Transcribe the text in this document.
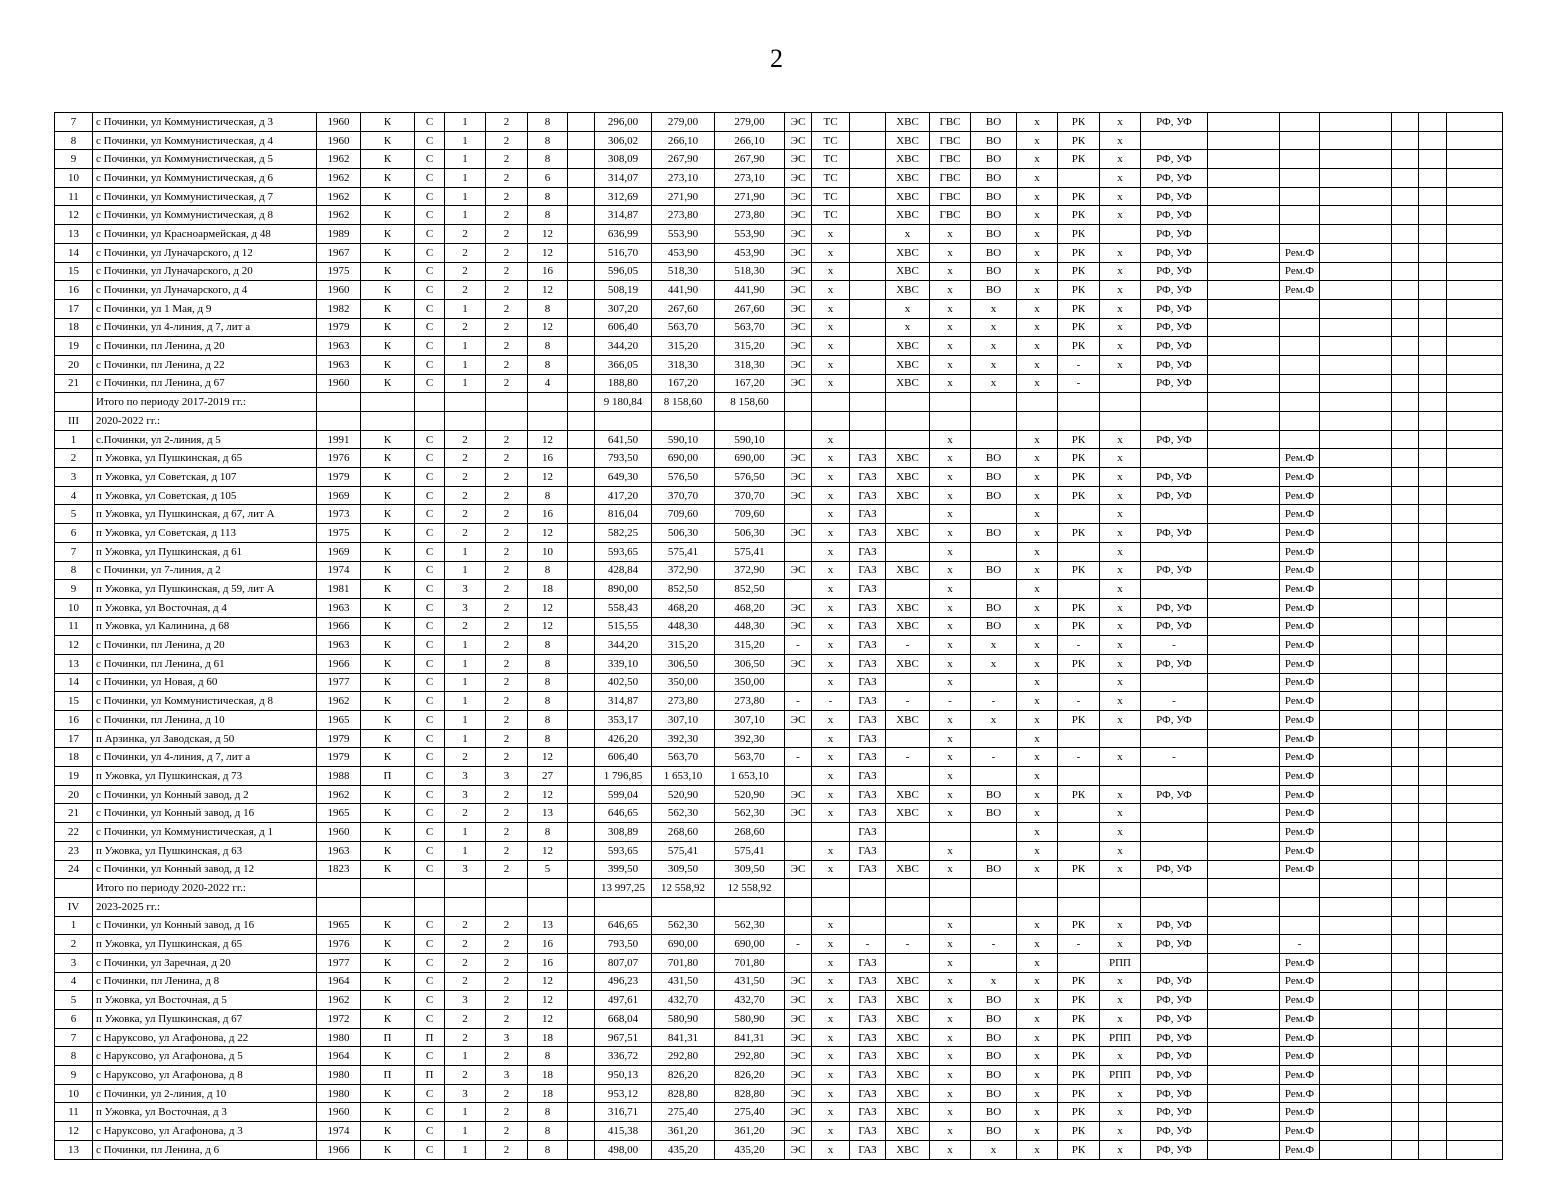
2
7	с Починки, ул Коммунистическая, д 3	1960	К	С	1	2	8		296,00	279,00	279,00	ЭС	ТС		ХВС	ГВС	ВО	х	РК	х	РФ, УФ						
8	с Починки, ул Коммунистическая, д 4	1960	К	С	1	2	8		306,02	266,10	266,10	ЭС	ТС		ХВС	ГВС	ВО	х	РК	х							
9	с Починки, ул Коммунистическая, д 5	1962	К	С	1	2	8		308,09	267,90	267,90	ЭС	ТС		ХВС	ГВС	ВО	х	РК	х	РФ, УФ						
10	с Починки, ул Коммунистическая, д 6	1962	К	С	1	2	6		314,07	273,10	273,10	ЭС	ТС		ХВС	ГВС	ВО	х		х	РФ, УФ						
11	с Починки, ул Коммунистическая, д 7	1962	К	С	1	2	8		312,69	271,90	271,90	ЭС	ТС		ХВС	ГВС	ВО	х	РК	х	РФ, УФ						
12	с Починки, ул Коммунистическая, д 8	1962	К	С	1	2	8		314,87	273,80	273,80	ЭС	ТС		ХВС	ГВС	ВО	х	РК	х	РФ, УФ						
13	с Починки, ул Красноармейская, д 48	1989	К	С	2	2	12		636,99	553,90	553,90	ЭС	х		х	х	ВО	х	РК		РФ, УФ						
14	с Починки, ул Луначарского, д 12	1967	К	С	2	2	12		516,70	453,90	453,90	ЭС	х		ХВС	х	ВО	х	РК	х	РФ, УФ		Рем.Ф				
15	с Починки, ул Луначарского, д 20	1975	К	С	2	2	16		596,05	518,30	518,30	ЭС	х		ХВС	х	ВО	х	РК	х	РФ, УФ		Рем.Ф				
16	с Починки, ул Луначарского, д 4	1960	К	С	2	2	12		508,19	441,90	441,90	ЭС	х		ХВС	х	ВО	х	РК	х	РФ, УФ		Рем.Ф				
17	с Починки, ул 1 Мая, д 9	1982	К	С	1	2	8		307,20	267,60	267,60	ЭС	х		х	х	х	х	РК	х	РФ, УФ						
18	с Починки, ул 4-линия, д 7, лит а	1979	К	С	2	2	12		606,40	563,70	563,70	ЭС	х		х	х	х	х	РК	х	РФ, УФ						
19	с Починки, пл Ленина, д 20	1963	К	С	1	2	8		344,20	315,20	315,20	ЭС	х		ХВС	х	х	х	РК	х	РФ, УФ						
20	с Починки, пл Ленина, д 22	1963	К	С	1	2	8		366,05	318,30	318,30	ЭС	х		ХВС	х	х	х	-	х	РФ, УФ						
21	с Починки, пл Ленина, д 67	1960	К	С	1	2	4		188,80	167,20	167,20	ЭС	х		ХВС	х	х	х	-		РФ, УФ						
	Итого по периоду 2017-2019 гг.:								9 180,84	8 158,60	8 158,60																
III	2020-2022 гг.:																										
1	с.Починки, ул 2-линия, д 5	1991	К	С	2	2	12		641,50	590,10	590,10		х			х		х	РК	х	РФ, УФ						
2	п Ужовка, ул Пушкинская, д 65	1976	К	С	2	2	16		793,50	690,00	690,00	ЭС	х	ГАЗ	ХВС	х	ВО	х	РК	х			Рем.Ф				
3	п Ужовка, ул Советская, д 107	1979	К	С	2	2	12		649,30	576,50	576,50	ЭС	х	ГАЗ	ХВС	х	ВО	х	РК	х	РФ, УФ		Рем.Ф				
4	п Ужовка, ул Советская, д 105	1969	К	С	2	2	8		417,20	370,70	370,70	ЭС	х	ГАЗ	ХВС	х	ВО	х	РК	х	РФ, УФ		Рем.Ф				
5	п Ужовка, ул Пушкинская, д 67, лит А	1973	К	С	2	2	16		816,04	709,60	709,60		х	ГАЗ		х		х		х			Рем.Ф				
6	п Ужовка, ул Советская, д 113	1975	К	С	2	2	12		582,25	506,30	506,30	ЭС	х	ГАЗ	ХВС	х	ВО	х	РК	х	РФ, УФ		Рем.Ф				
7	п Ужовка, ул Пушкинская, д 61	1969	К	С	1	2	10		593,65	575,41	575,41		х	ГАЗ		х		х		х			Рем.Ф				
8	с Починки, ул 7-линия, д 2	1974	К	С	1	2	8		428,84	372,90	372,90	ЭС	х	ГАЗ	ХВС	х	ВО	х	РК	х	РФ, УФ		Рем.Ф				
9	п Ужовка, ул Пушкинская, д 59, лит А	1981	К	С	3	2	18		890,00	852,50	852,50		х	ГАЗ		х		х		х			Рем.Ф				
10	п Ужовка, ул Восточная, д 4	1963	К	С	3	2	12		558,43	468,20	468,20	ЭС	х	ГАЗ	ХВС	х	ВО	х	РК	х	РФ, УФ		Рем.Ф				
11	п Ужовка, ул Калинина, д 68	1966	К	С	2	2	12		515,55	448,30	448,30	ЭС	х	ГАЗ	ХВС	х	ВО	х	РК	х	РФ, УФ		Рем.Ф				
12	с Починки, пл Ленина, д 20	1963	К	С	1	2	8		344,20	315,20	315,20	-	х	ГАЗ	-	х	х	х	-	х	-		Рем.Ф				
13	с Починки, пл Ленина, д 61	1966	К	С	1	2	8		339,10	306,50	306,50	ЭС	х	ГАЗ	ХВС	х	х	х	РК	х	РФ, УФ		Рем.Ф				
14	с Починки, ул Новая, д 60	1977	К	С	1	2	8		402,50	350,00	350,00		х	ГАЗ		х		х		х			Рем.Ф				
15	с Починки, ул Коммунистическая, д 8	1962	К	С	1	2	8		314,87	273,80	273,80	-	-	ГАЗ	-	-	-	х	-	х	-		Рем.Ф				
16	с Починки, пл Ленина, д 10	1965	К	С	1	2	8		353,17	307,10	307,10	ЭС	х	ГАЗ	ХВС	х	х	х	РК	х	РФ, УФ		Рем.Ф				
17	п Арзинка, ул Заводская, д 50	1979	К	С	1	2	8		426,20	392,30	392,30		х	ГАЗ		х		х					Рем.Ф				
18	с Починки, ул 4-линия, д 7, лит а	1979	К	С	2	2	12		606,40	563,70	563,70	-	х	ГАЗ	-	х	-	х	-	х	-		Рем.Ф				
19	п Ужовка, ул Пушкинская, д 73	1988	П	С	3	3	27		1 796,85	1 653,10	1 653,10		х	ГАЗ		х		х					Рем.Ф				
20	с Починки, ул Конный завод, д 2	1962	К	С	3	2	12		599,04	520,90	520,90	ЭС	х	ГАЗ	ХВС	х	ВО	х	РК	х	РФ, УФ		Рем.Ф				
21	с Починки, ул Конный завод, д 16	1965	К	С	2	2	13		646,65	562,30	562,30	ЭС	х	ГАЗ	ХВС	х	ВО	х		х			Рем.Ф				
22	с Починки, ул Коммунистическая, д 1	1960	К	С	1	2	8		308,89	268,60	268,60			ГАЗ				х		х			Рем.Ф				
23	п Ужовка, ул Пушкинская, д 63	1963	К	С	1	2	12		593,65	575,41	575,41		х	ГАЗ		х		х		х			Рем.Ф				
24	с Починки, ул Конный завод, д 12	1823	К	С	3	2	5		399,50	309,50	309,50	ЭС	х	ГАЗ	ХВС	х	ВО	х	РК	х	РФ, УФ		Рем.Ф				
	Итого по периоду 2020-2022 гг.:								13 997,25	12 558,92	12 558,92																
IV	2023-2025 гг.:																										
1	с Починки, ул Конный завод, д 16	1965	К	С	2	2	13		646,65	562,30	562,30		х			х		х	РК	х	РФ, УФ						
2	п Ужовка, ул Пушкинская, д 65	1976	К	С	2	2	16		793,50	690,00	690,00	-	х	-	-	х	-	х	-	х	РФ, УФ		-				
3	с Починки, ул Заречная, д 20	1977	К	С	2	2	16		807,07	701,80	701,80		х	ГАЗ		х		х		РПП			Рем.Ф				
4	с Починки, пл Ленина, д 8	1964	К	С	2	2	12		496,23	431,50	431,50	ЭС	х	ГАЗ	ХВС	х	х	х	РК	х	РФ, УФ		Рем.Ф				
5	п Ужовка, ул Восточная, д 5	1962	К	С	3	2	12		497,61	432,70	432,70	ЭС	х	ГАЗ	ХВС	х	ВО	х	РК	х	РФ, УФ		Рем.Ф				
6	п Ужовка, ул Пушкинская, д 67	1972	К	С	2	2	12		668,04	580,90	580,90	ЭС	х	ГАЗ	ХВС	х	ВО	х	РК	х	РФ, УФ		Рем.Ф				
7	с Наруксово, ул Агафонова, д 22	1980	П	П	2	3	18		967,51	841,31	841,31	ЭС	х	ГАЗ	ХВС	х	ВО	х	РК	РПП	РФ, УФ		Рем.Ф				
8	с Наруксово, ул Агафонова, д 5	1964	К	С	1	2	8		336,72	292,80	292,80	ЭС	х	ГАЗ	ХВС	х	ВО	х	РК	х	РФ, УФ		Рем.Ф				
9	с Наруксово, ул Агафонова, д 8	1980	П	П	2	3	18		950,13	826,20	826,20	ЭС	х	ГАЗ	ХВС	х	ВО	х	РК	РПП	РФ, УФ		Рем.Ф				
10	с Починки, ул 2-линия, д 10	1980	К	С	3	2	18		953,12	828,80	828,80	ЭС	х	ГАЗ	ХВС	х	ВО	х	РК	х	РФ, УФ		Рем.Ф				
11	п Ужовка, ул Восточная, д 3	1960	К	С	1	2	8		316,71	275,40	275,40	ЭС	х	ГАЗ	ХВС	х	ВО	х	РК	х	РФ, УФ		Рем.Ф				
12	с Наруксово, ул Агафонова, д 3	1974	К	С	1	2	8		415,38	361,20	361,20	ЭС	х	ГАЗ	ХВС	х	ВО	х	РК	х	РФ, УФ		Рем.Ф				
13	с Починки, пл Ленина, д 6	1966	К	С	1	2	8		498,00	435,20	435,20	ЭС	х	ГАЗ	ХВС	х	х	х	РК	х	РФ, УФ		Рем.Ф				
